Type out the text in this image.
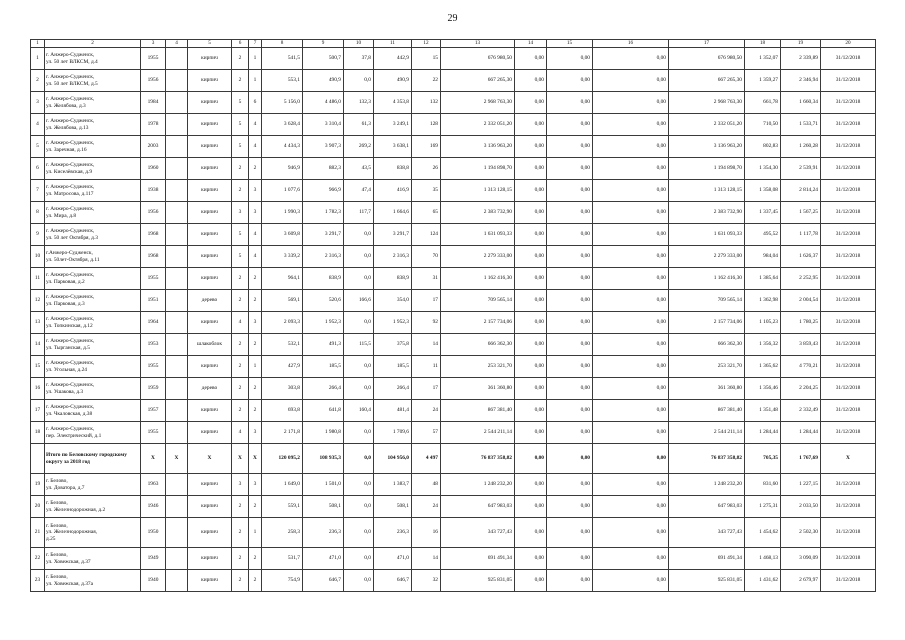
29
1	2	3	4	5	6	7	8	9	10	11	12	13	14	15	16	17	18	19	20
1	г. Анжеро-Судженск,
ул. 50 лет ВЛКСМ, д.4	1955		кирпич	2	1	541,5	500,7	37,8	442,9	15	676 980,50	0,00	0,00	0,00	676 980,50	1 352,07	2 339,89	31/12/2018
2	г. Анжеро-Судженск,
ул. 50 лет ВЛКСМ, д.5	1956		кирпич	2	1	553,1	490,9	0,0	490,9	22	667 265,30	0,00	0,00	0,00	667 265,30	1 359,27	2 346,94	31/12/2018
3	г. Анжеро-Судженск,
ул. Желябова, д.3	1984		кирпич	5	6	5 156,0	4 486,0	132,3	4 353,8	132	2 968 763,30	0,00	0,00	0,00	2 968 763,30	661,78	1 660,34	31/12/2018
4	г. Анжеро-Судженск,
ул. Желябова, д.13	1978		кирпич	5	4	3 628,4	3 310,4	61,3	3 249,1	128	2 332 051,20	0,00	0,00	0,00	2 332 051,20	710,50	1 533,71	31/12/2018
5	г. Анжеро-Судженск,
ул. Заречная, д.16	2003		кирпич	5	4	4 434,3	3 907,3	269,2	3 638,1	169	3 136 963,20	0,00	0,00	0,00	3 136 963,20	802,83	1 260,28	31/12/2018
6	г. Анжеро-Судженск,
ул. Киселёвская, д.9	1960		кирпич	2	2	946,9	882,3	43,5	838,8	26	1 194 898,70	0,00	0,00	0,00	1 194 898,70	1 354,30	2 539,91	31/12/2018
7	г. Анжеро-Судженск,
ул. Матросова, д.117	1938		кирпич	2	3	1 077,6	966,9	47,4	416,9	35	1 313 128,15	0,00	0,00	0,00	1 313 128,15	1 358,08	2 814,24	31/12/2018
8	г. Анжеро-Судженск,
ул. Мира, д.8	1956		кирпич	3	3	1 990,3	1 782,3	117,7	1 664,6	65	2 383 732,90	0,00	0,00	0,00	2 383 732,90	1 337,45	1 567,25	31/12/2018
9	г. Анжеро-Судженск,
ул. 50 лет Октября, д.3	1968		кирпич	5	4	3 609,8	3 291,7	0,0	3 291,7	124	1 631 093,33	0,00	0,00	0,00	1 631 093,33	495,52	1 117,78	31/12/2018
10	г.Анжеро-Судженск,
ул. 50лет-Октября, д.11	1968		кирпич	5	4	3 339,2	2 316,3	0,0	2 316,3	70	2 279 333,00	0,00	0,00	0,00	2 279 333,00	984,04	1 626,37	31/12/2018
11	г. Анжеро-Судженск,
ул. Парковая, д.2	1955		кирпич	2	2	964,1	838,9	0,0	838,9	31	1 162 416,30	0,00	0,00	0,00	1 162 416,30	1 385,64	2 252,95	31/12/2018
12	г. Анжеро-Судженск,
ул. Парковая, д.3	1951		дерево	2	2	569,1	520,6	166,6	354,0	17	709 565,14	0,00	0,00	0,00	709 565,14	1 362,98	2 004,54	31/12/2018
13	г. Анжеро-Судженск,
ул. Топкинская, д.12	1964		кирпич	4	3	2 093,3	1 952,3	0,0	1 952,3	92	2 157 734,06	0,00	0,00	0,00	2 157 734,06	1 105,23	1 780,25	31/12/2018
14	г. Анжеро-Судженск,
ул. Тырганская, д.5	1953		шлакоблок	2	2	532,1	491,3	115,5	375,8	14	666 362,30	0,00	0,00	0,00	666 362,30	1 356,32	3 859,43	31/12/2018
15	г. Анжеро-Судженск,
ул. Угольная, д.24	1955		кирпич	2	1	427,9	185,5	0,0	185,5	11	253 321,70	0,00	0,00	0,00	253 321,70	1 365,62	4 770,21	31/12/2018
16	г. Анжеро-Судженск,
ул. Ушакова, д.3	1959		дерево	2	2	303,8	266,4	0,0	266,4	17	361 360,80	0,00	0,00	0,00	361 360,80	1 356,46	2 204,25	31/12/2018
17	г. Анжеро-Судженск,
ул. Чкаловская, д.38	1957		кирпич	2	2	693,8	641,8	160,4	481,4	24	867 381,40	0,00	0,00	0,00	867 381,40	1 351,48	2 332,49	31/12/2018
18	г. Анжеро-Судженск,
пер. Электрический, д.1	1955		кирпич	4	3	2 171,8	1 980,8	0,0	1 709,6	57	2 544 211,14	0,00	0,00	0,00	2 544 211,14	1 284,44	1 284,44	31/12/2018
	Итого по Беловскому городскому округу за 2018 год	X	X	X	X	X	120 095,2	108 935,3	0,0	104 956,0	4 497	76 837 358,82	0,00	0,00	0,00	76 837 358,82	705,35	1 767,69	X
19	г. Белово,
ул. Доватора, д.7	1963		кирпич	3	3	1 649,0	1 501,0	0,0	1 383,7	48	1 248 232,20	0,00	0,00	0,00	1 248 232,20	831,60	1 227,15	31/12/2018
20	г. Белово,
ул. Железнодорожная, д.2	1946		кирпич	2	2	559,1	508,1	0,0	508,1	24	647 983,03	0,00	0,00	0,00	647 983,03	1 275,31	2 033,50	31/12/2018
21	г. Белово,
ул. Железнодорожная,
д.25	1950		кирпич	2	1	258,3	236,3	0,0	236,3	16	343 727,43	0,00	0,00	0,00	343 727,43	1 454,62	2 502,30	31/12/2018
22	г. Белово,
ул. Ховежская, д.37	1949		кирпич	2	2	531,7	471,0	0,0	471,0	14	691 491,34	0,00	0,00	0,00	691 491,34	1 468,13	3 090,09	31/12/2018
23	г. Белово,
ул. Ховежская, д.37а	1940		кирпич	2	2	754,9	646,7	0,0	646,7	32	925 831,05	0,00	0,00	0,00	925 831,05	1 431,62	2 679,97	31/12/2018
